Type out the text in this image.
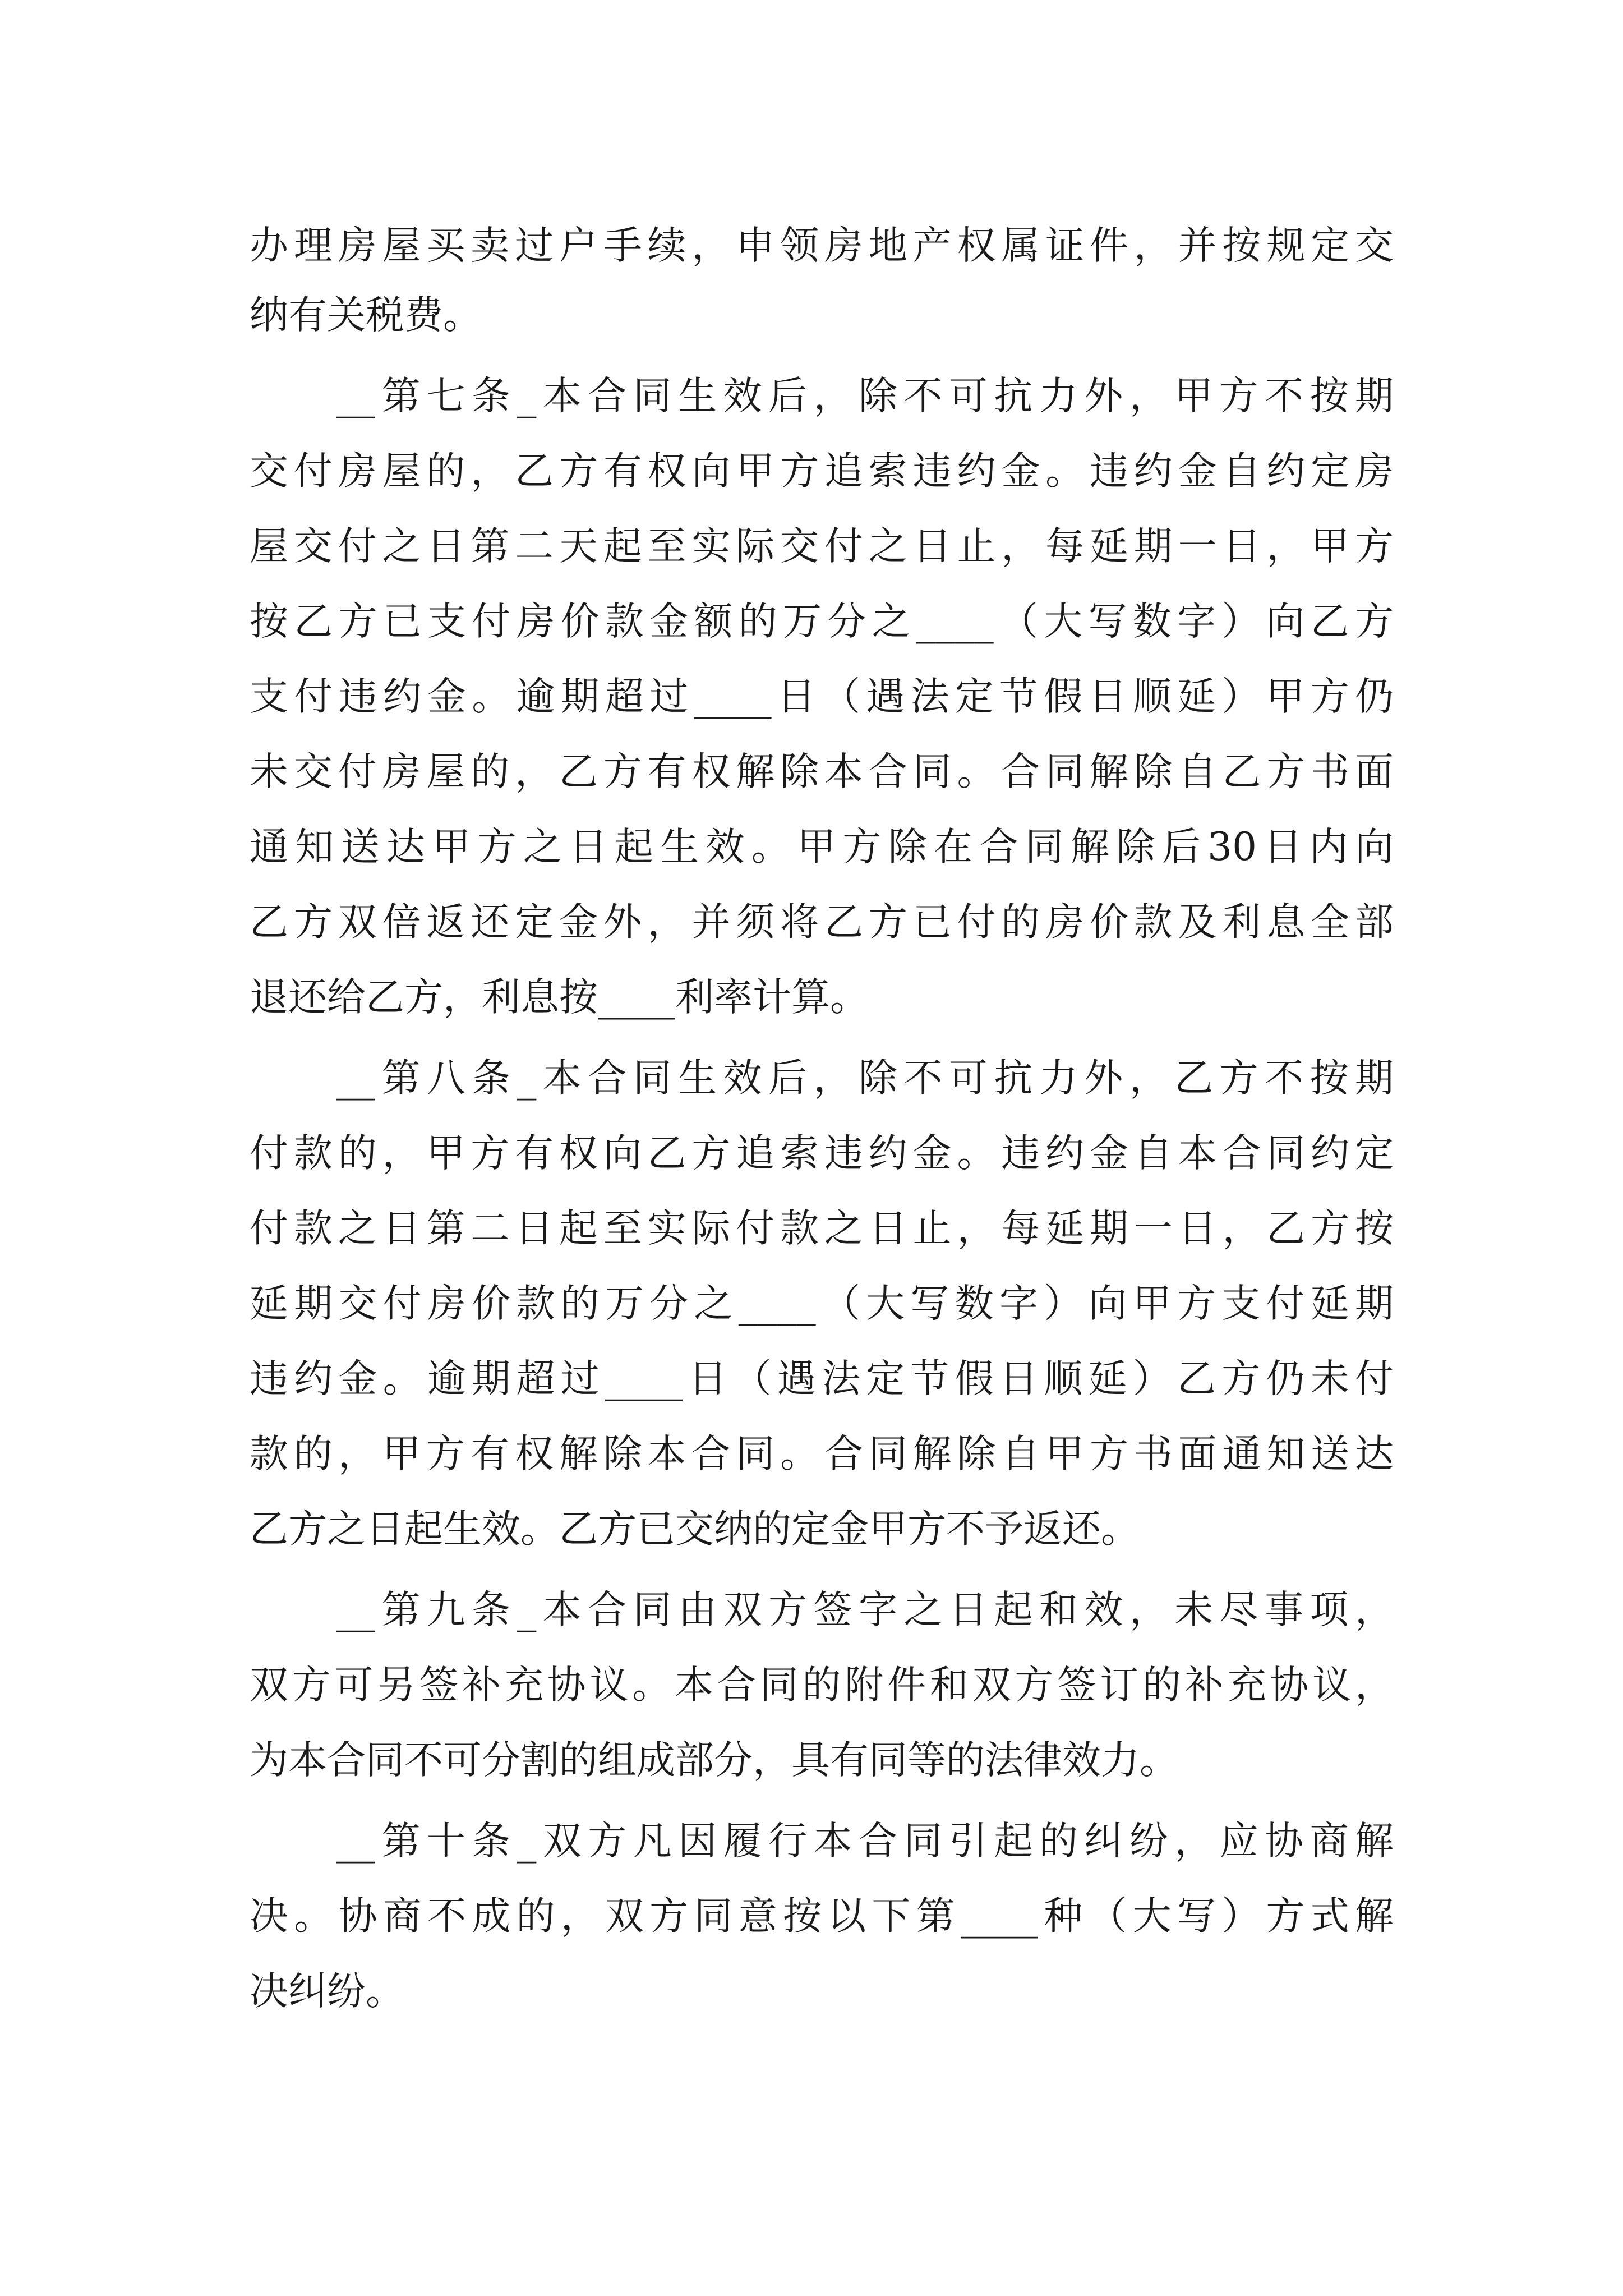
办理房屋买卖过户手续，申领房地产权属证件，并按规定交
纳有关税费。
__第七条_本合同生效后，除不可抗力外，甲方不按期
交付房屋的，乙方有权向甲方追索违约金。违约金自约定房
屋交付之日第二天起至实际交付之日止，每延期一日，甲方
按乙方已支付房价款金额的万分之____（大写数字）向乙方
支付违约金。逾期超过____日（遇法定节假日顺延）甲方仍
未交付房屋的，乙方有权解除本合同。合同解除自乙方书面
通知送达甲方之日起生效。甲方除在合同解除后30日内向
乙方双倍返还定金外，并须将乙方已付的房价款及利息全部
退还给乙方，利息按____利率计算。
__第八条_本合同生效后，除不可抗力外，乙方不按期
付款的，甲方有权向乙方追索违约金。违约金自本合同约定
付款之日第二日起至实际付款之日止，每延期一日，乙方按
延期交付房价款的万分之____（大写数字）向甲方支付延期
违约金。逾期超过____日（遇法定节假日顺延）乙方仍未付
款的，甲方有权解除本合同。合同解除自甲方书面通知送达
乙方之日起生效。乙方已交纳的定金甲方不予返还。
__第九条_本合同由双方签字之日起和效，未尽事项，
双方可另签补充协议。本合同的附件和双方签订的补充协议，
为本合同不可分割的组成部分，具有同等的法律效力。
__第十条_双方凡因履行本合同引起的纠纷，应协商解
决。协商不成的，双方同意按以下第____种（大写）方式解
决纠纷。
